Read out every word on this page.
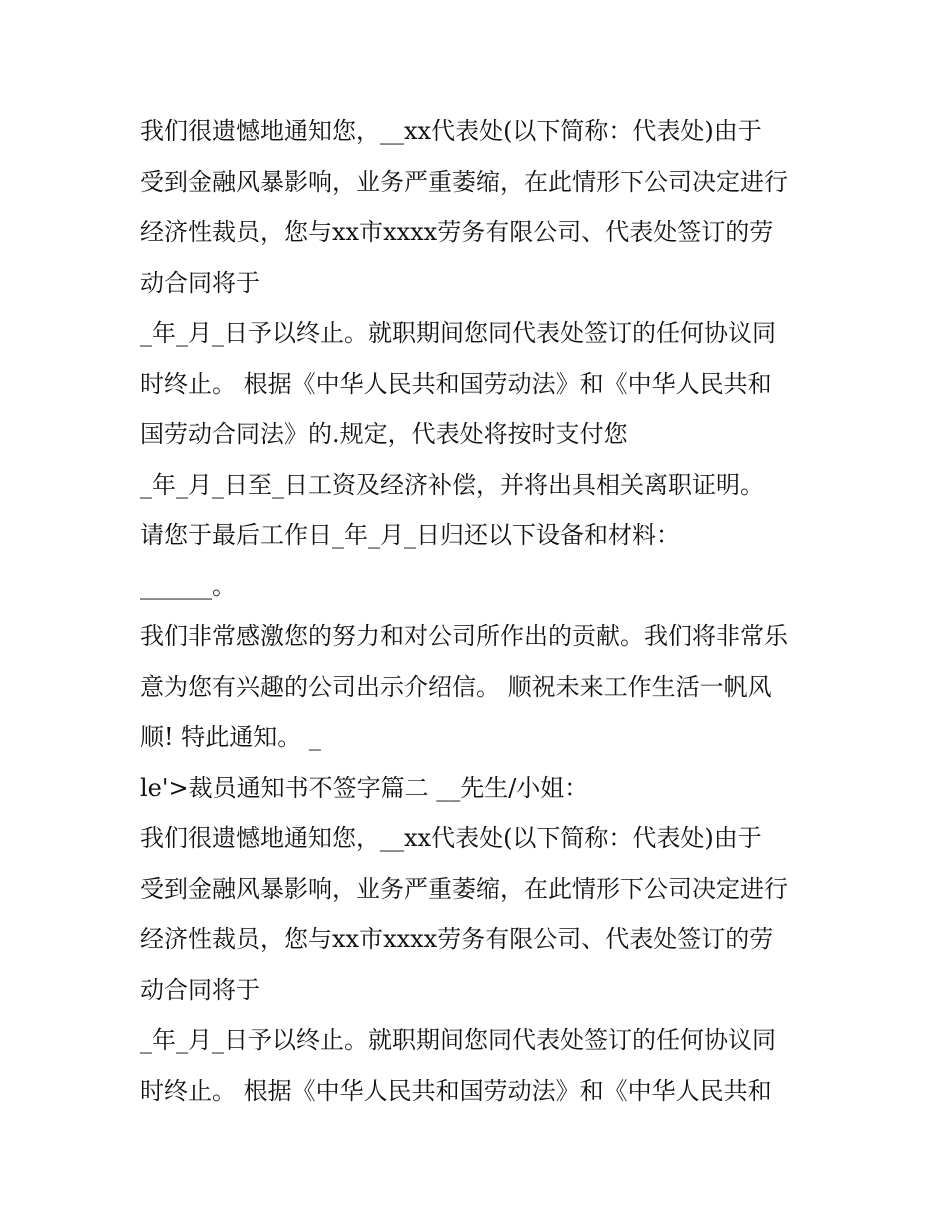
我们很遗憾地通知您，__xx代表处(以下简称：代表处)由于
受到金融风暴影响，业务严重萎缩，在此情形下公司决定进行
经济性裁员，您与xx市xxxx劳务有限公司、代表处签订的劳
动合同将于
_年_月_日予以终止。就职期间您同代表处签订的任何协议同
时终止。 根据《中华人民共和国劳动法》和《中华人民共和
国劳动合同法》的.规定，代表处将按时支付您
_年_月_日至_日工资及经济补偿，并将出具相关离职证明。
请您于最后工作日_年_月_日归还以下设备和材料：
______。
我们非常感激您的努力和对公司所作出的贡献。我们将非常乐
意为您有兴趣的公司出示介绍信。 顺祝未来工作生活一帆风
顺! 特此通知。 _
le'>裁员通知书不签字篇二 __先生/小姐：
我们很遗憾地通知您，__xx代表处(以下简称：代表处)由于
受到金融风暴影响，业务严重萎缩，在此情形下公司决定进行
经济性裁员，您与xx市xxxx劳务有限公司、代表处签订的劳
动合同将于
_年_月_日予以终止。就职期间您同代表处签订的任何协议同
时终止。 根据《中华人民共和国劳动法》和《中华人民共和
